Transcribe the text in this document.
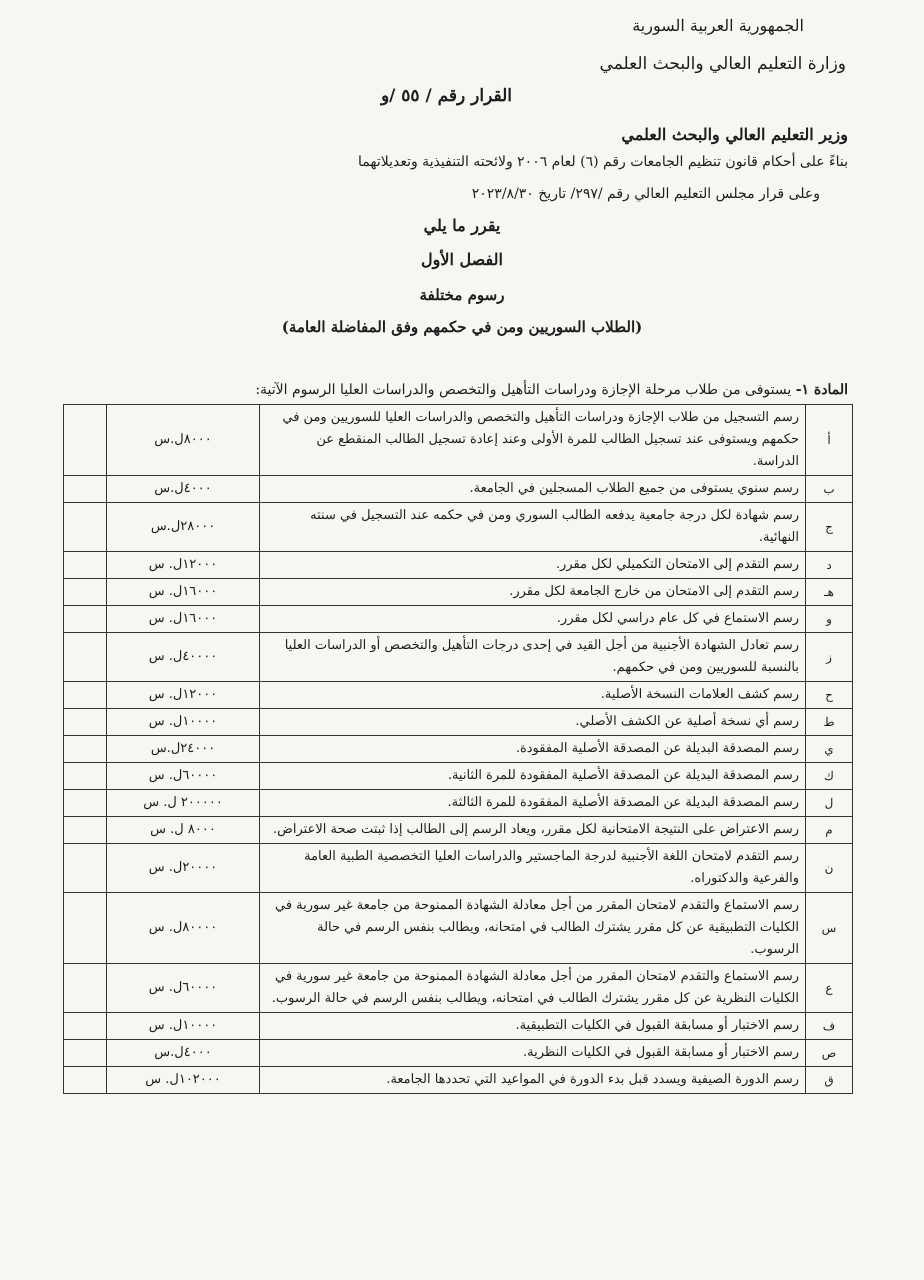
الجمهورية العربية السورية
وزارة التعليم العالي والبحث العلمي
القرار رقم / ٥٥ /و
وزير التعليم العالي والبحث العلمي
بناءً على أحكام قانون تنظيم الجامعات رقم (٦) لعام ٢٠٠٦ ولائحته التنفيذية وتعديلاتهما
وعلى قرار مجلس التعليم العالي رقم /٢٩٧/ تاريخ ٢٠٢٣/٨/٣٠
يقرر ما يلي
الفصل الأول
رسوم مختلفة
(الطلاب السوريين ومن في حكمهم وفق المفاضلة العامة)
المادة ١- يستوفى من طلاب مرحلة الإجازة ودراسات التأهيل والتخصص والدراسات العليا الرسوم الآتية:
أ	رسم التسجيل من طلاب الإجازة ودراسات التأهيل والتخصص والدراسات العليا للسوريين ومن في حكمهم ويستوفى عند تسجيل الطالب للمرة الأولى وعند إعادة تسجيل الطالب المنقطع عن الدراسة.	٨٠٠٠ل.س	
ب	رسم سنوي يستوفى من جميع الطلاب المسجلين في الجامعة.	٤٠٠٠ل.س	
ج	رسم شهادة لكل درجة جامعية يدفعه الطالب السوري ومن في حكمه عند التسجيل في سنته النهائية.	٢٨٠٠٠ل.س	
د	رسم التقدم إلى الامتحان التكميلي لكل مقرر.	١٢٠٠٠ل. س	
هـ	رسم التقدم إلى الامتحان من خارج الجامعة لكل مقرر.	١٦٠٠٠ل. س	
و	رسم الاستماع في كل عام دراسي لكل مقرر.	١٦٠٠٠ل. س	
ز	رسم تعادل الشهادة الأجنبية من أجل القيد في إحدى درجات التأهيل والتخصص أو الدراسات العليا بالنسبة للسوريين ومن في حكمهم.	٤٠٠٠٠ل. س	
ح	رسم كشف العلامات النسخة الأصلية.	١٢٠٠٠ل. س	
ط	رسم أي نسخة أصلية عن الكشف الأصلي.	١٠٠٠٠ل. س	
ي	رسم المصدقة البديلة عن المصدقة الأصلية المفقودة.	٢٤٠٠٠ل.س	
ك	رسم المصدقة البديلة عن المصدقة الأصلية المفقودة للمرة الثانية.	٦٠٠٠٠ل. س	
ل	رسم المصدقة البديلة عن المصدقة الأصلية المفقودة للمرة الثالثة.	٢٠٠٠٠٠ ل. س	
م	رسم الاعتراض على النتيجة الامتحانية لكل مقرر، ويعاد الرسم إلى الطالب إذا ثبتت صحة الاعتراض.	٨٠٠٠ ل. س	
ن	رسم التقدم لامتحان اللغة الأجنبية لدرجة الماجستير والدراسات العليا التخصصية الطبية العامة والفرعية والدكتوراه.	٢٠٠٠٠ل. س	
س	رسم الاستماع والتقدم لامتحان المقرر من أجل معادلة الشهادة الممنوحة من جامعة غير سورية في الكليات التطبيقية عن كل مقرر يشترك الطالب في امتحانه، ويطالب بنفس الرسم في حالة الرسوب.	٨٠٠٠٠ل. س	
ع	رسم الاستماع والتقدم لامتحان المقرر من أجل معادلة الشهادة الممنوحة من جامعة غير سورية في الكليات النظرية عن كل مقرر يشترك الطالب في امتحانه، ويطالب بنفس الرسم في حالة الرسوب.	٦٠٠٠٠ل. س	
ف	رسم الاختبار أو مسابقة القبول في الكليات التطبيقية.	١٠٠٠٠ل. س	
ص	رسم الاختبار أو مسابقة القبول في الكليات النظرية.	٤٠٠٠ل.س	
ق	رسم الدورة الصيفية ويسدد قبل بدء الدورة في المواعيد التي تحددها الجامعة.	١٠٢٠٠٠ل. س	
